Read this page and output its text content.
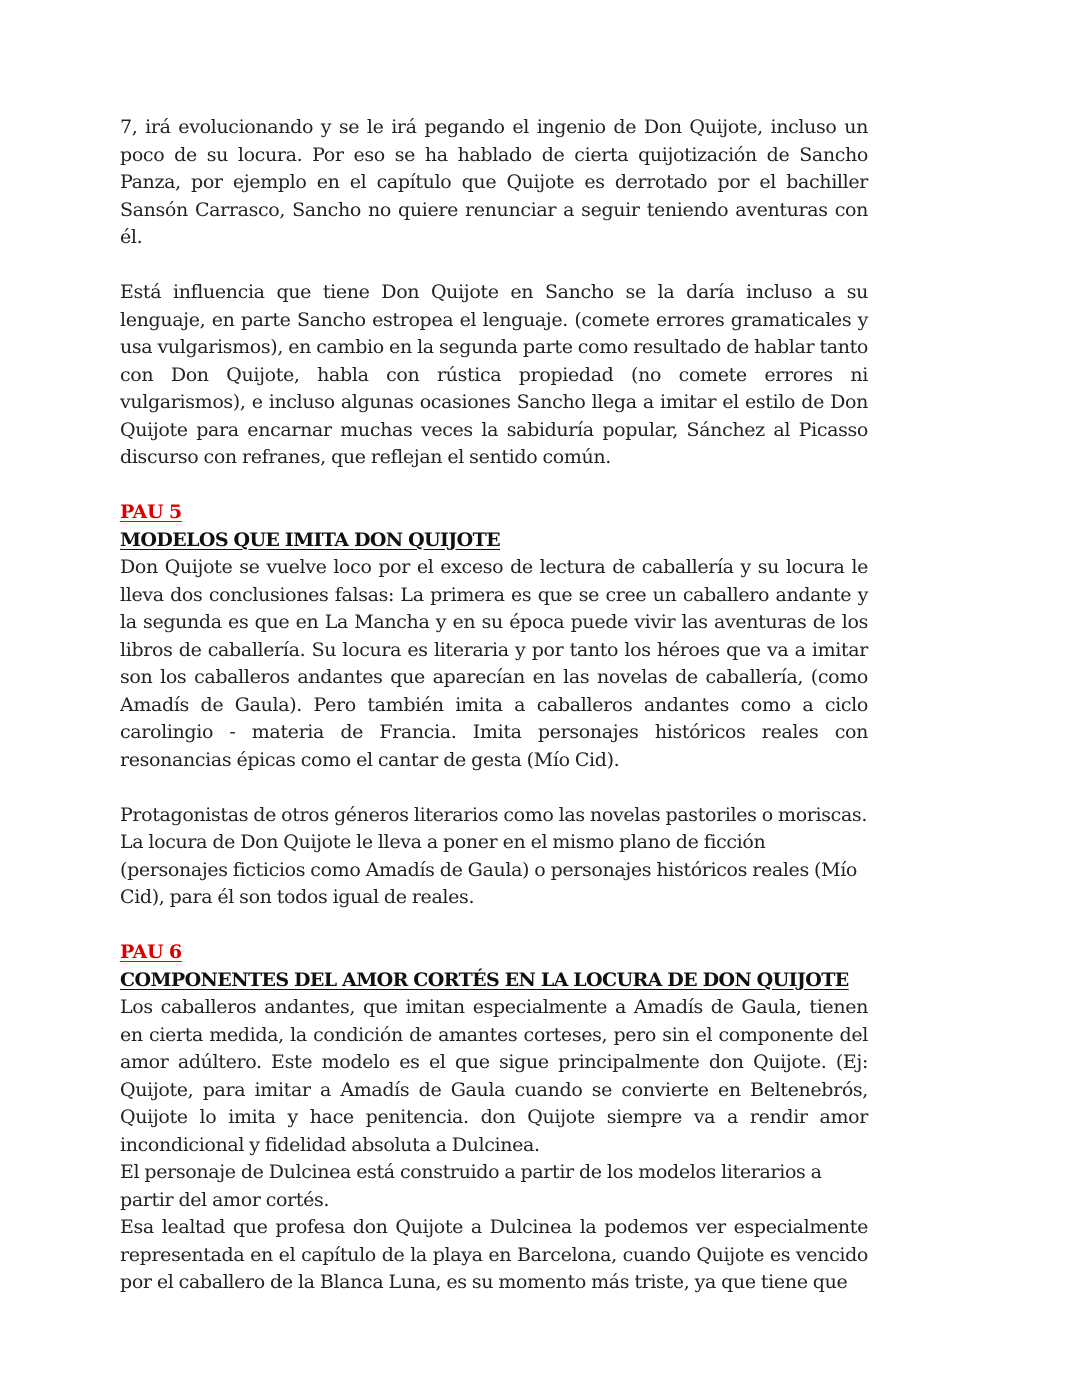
7, irá evolucionando y se le irá pegando el ingenio de Don Quijote, incluso un poco de su locura. Por eso se ha hablado de cierta quijotización de Sancho Panza, por ejemplo en el capítulo que Quijote es derrotado por el bachiller Sansón Carrasco, Sancho no quiere renunciar a seguir teniendo aventuras con él.

Está influencia que tiene Don Quijote en Sancho se la daría incluso a su lenguaje, en parte Sancho estropea el lenguaje. (comete errores gramaticales y usa vulgarismos), en cambio en la segunda parte como resultado de hablar tanto con Don Quijote, habla con rústica propiedad (no comete errores ni vulgarismos), e incluso algunas ocasiones Sancho llega a imitar el estilo de Don Quijote para encarnar muchas veces la sabiduría popular, Sánchez al Picasso discurso con refranes, que reflejan el sentido común.

PAU 5

MODELOS QUE IMITA DON QUIJOTE

Don Quijote se vuelve loco por el exceso de lectura de caballería y su locura le lleva dos conclusiones falsas: La primera es que se cree un caballero andante y la segunda es que en La Mancha y en su época puede vivir las aventuras de los libros de caballería. Su locura es literaria y por tanto los héroes que va a imitar son los caballeros andantes que aparecían en las novelas de caballería, (como Amadís de Gaula). Pero también imita a caballeros andantes como a ciclo carolingio - materia de Francia. Imita personajes históricos reales con resonancias épicas como el cantar de gesta (Mío Cid).

Protagonistas de otros géneros literarios como las novelas pastoriles o moriscas. La locura de Don Quijote le lleva a poner en el mismo plano de ficción (personajes ficticios como Amadís de Gaula) o personajes históricos reales (Mío Cid), para él son todos igual de reales.

PAU 6

COMPONENTES DEL AMOR CORTÉS EN LA LOCURA DE DON QUIJOTE

Los caballeros andantes, que imitan especialmente a Amadís de Gaula, tienen en cierta medida, la condición de amantes corteses, pero sin el componente del amor adúltero. Este modelo es el que sigue principalmente don Quijote. (Ej: Quijote, para imitar a Amadís de Gaula cuando se convierte en Beltenebrós, Quijote lo imita y hace penitencia. don Quijote siempre va a rendir amor incondicional y fidelidad absoluta a Dulcinea.

El personaje de Dulcinea está construido a partir de los modelos literarios a partir del amor cortés.

Esa lealtad que profesa don Quijote a Dulcinea la podemos ver especialmente representada en el capítulo de la playa en Barcelona, cuando Quijote es vencido por el caballero de la Blanca Luna, es su momento más triste, ya que tiene que
